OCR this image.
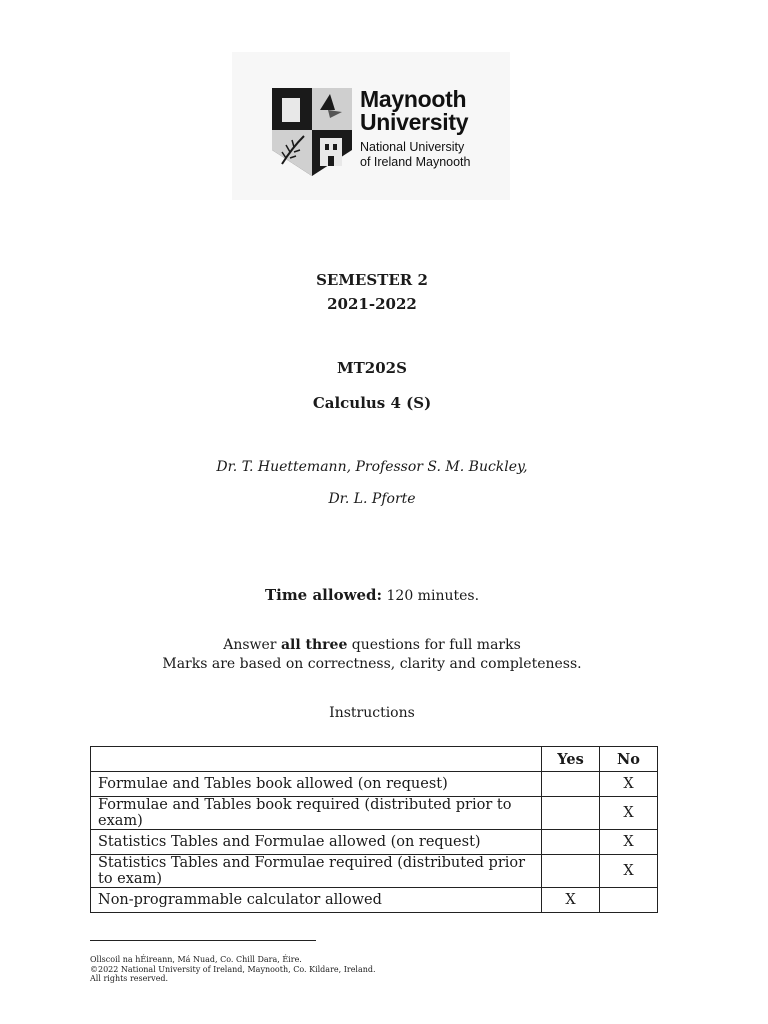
Maynooth
University
National University
of Ireland Maynooth
SEMESTER 2
2021-2022
MT202S
Calculus 4 (S)
Dr. T. Huettemann, Professor S. M. Buckley,
Dr. L. Pforte
Time allowed: 120 minutes.
Answer all three questions for full marks
Marks are based on correctness, clarity and completeness.
Instructions
	Yes	No
Formulae and Tables book allowed (on request)		X
Formulae and Tables book required (distributed prior to exam)		X
Statistics Tables and Formulae allowed (on request)		X
Statistics Tables and Formulae required (distributed prior to exam)		X
Non-programmable calculator allowed	X	
Ollscoil na hÉireann, Má Nuad, Co. Chill Dara, Éire.
©2022 National University of Ireland, Maynooth, Co. Kildare, Ireland.
All rights reserved.
